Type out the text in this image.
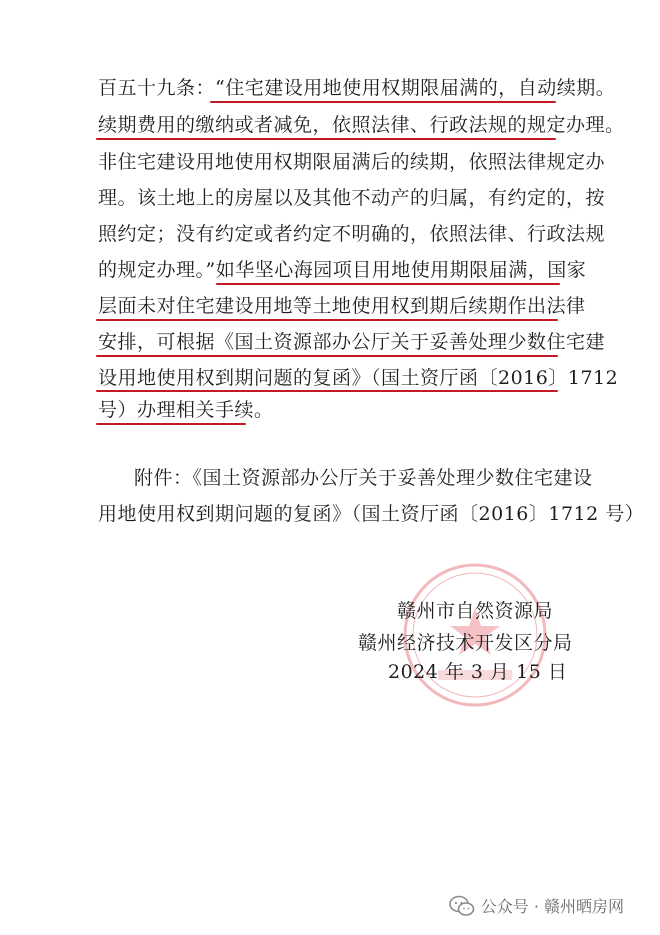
百五十九条：“住宅建设用地使用权期限届满的，自动续期。
续期费用的缴纳或者减免，依照法律、行政法规的规定办理。
非住宅建设用地使用权期限届满后的续期，依照法律规定办
理。该土地上的房屋以及其他不动产的归属，有约定的，按
照约定；没有约定或者约定不明确的，依照法律、行政法规
的规定办理。”如华坚心海园项目用地使用期限届满，国家
层面未对住宅建设用地等土地使用权到期后续期作出法律
安排，可根据《国土资源部办公厅关于妥善处理少数住宅建
设用地使用权到期问题的复函》（国土资厅函〔2016〕1712
号）办理相关手续。
附件：《国土资源部办公厅关于妥善处理少数住宅建设
用地使用权到期问题的复函》（国土资厅函〔2016〕1712 号）
赣州市自然资源局
赣州经济技术开发区分局
2024 年 3 月 15 日
公众号 · 赣州晒房网
